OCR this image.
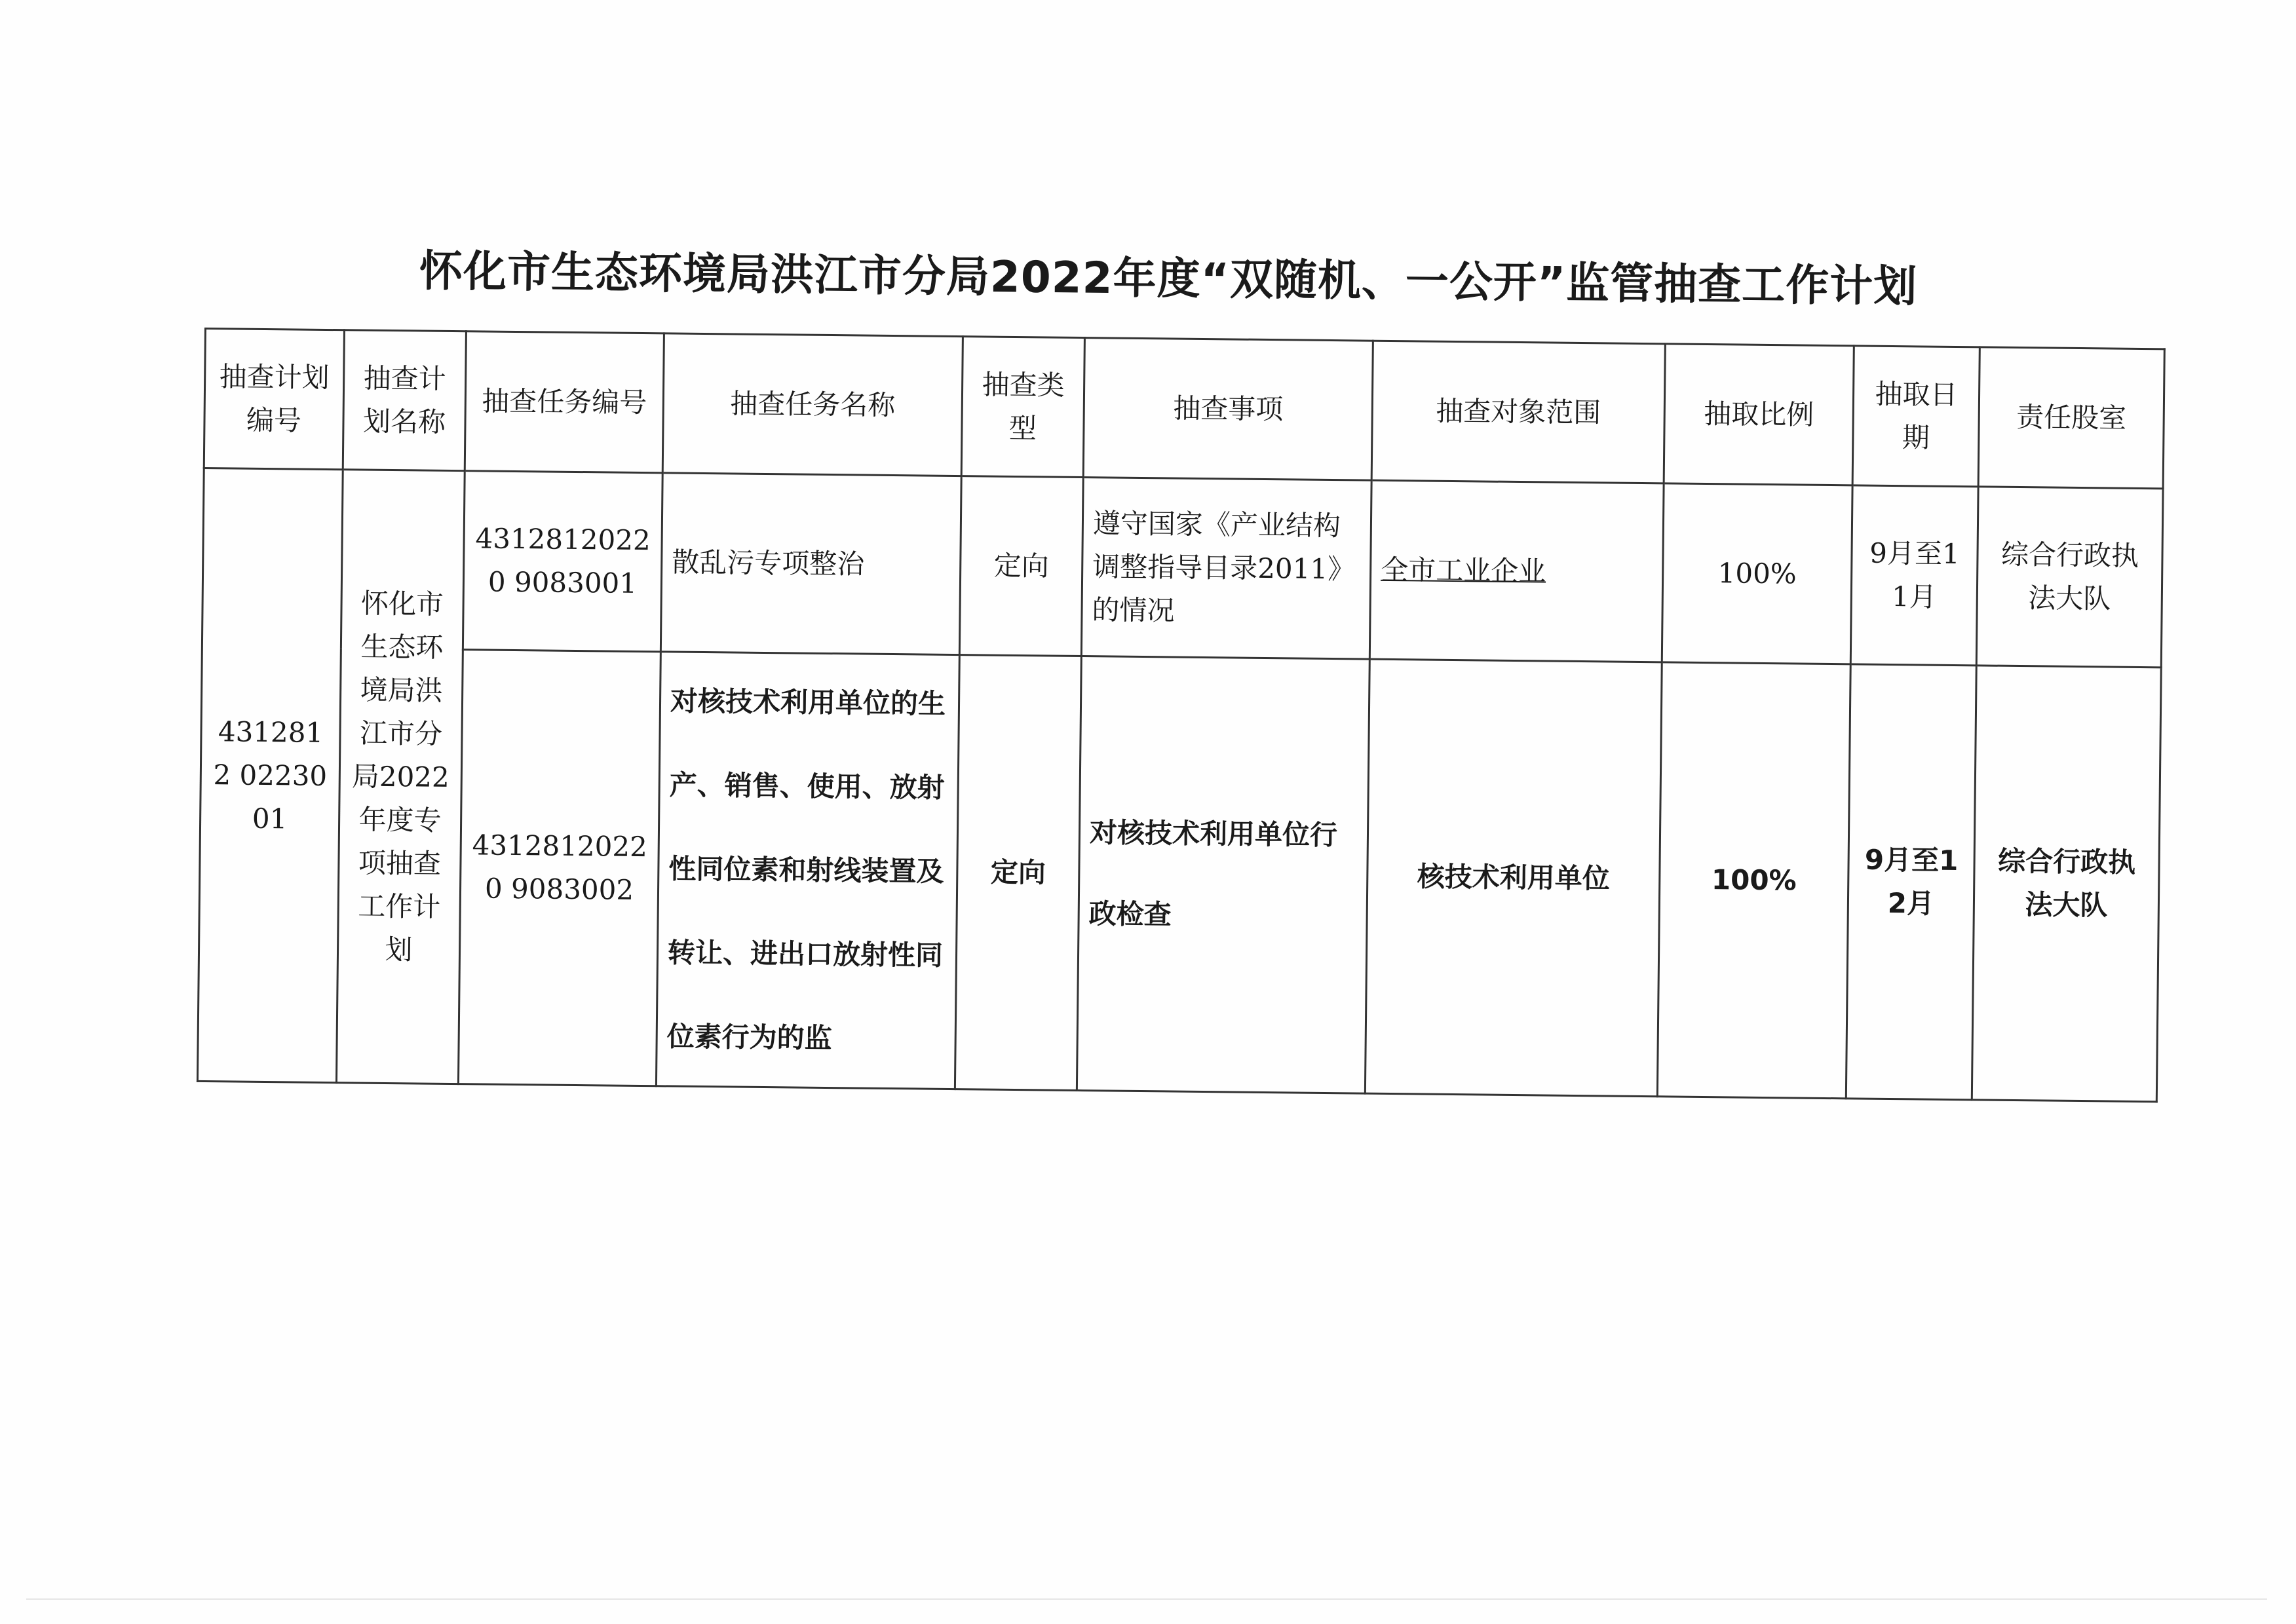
怀化市生态环境局洪江市分局2022年度“双随机、一公开”监管抽查工作计划
抽查计划编号	抽查计划名称	抽查任务编号	抽查任务名称	抽查类型	抽查事项	抽查对象范围	抽取比例	抽取日期	责任股室
4312812 0223001	怀化市生态环境局洪江市分局2022年度专项抽查工作计划	43128120220 9083001	散乱污专项整治	定向	遵守国家《产业结构调整指导目录2011》的情况	全市工业企业	100%	9月至11月	综合行政执法大队
		43128120220 9083002	对核技术利用单位的生产、销售、使用、放射性同位素和射线装置及转让、进出口放射性同位素行为的监	定向	对核技术利用单位行政检查	核技术利用单位	100%	9月至12月	综合行政执法大队
